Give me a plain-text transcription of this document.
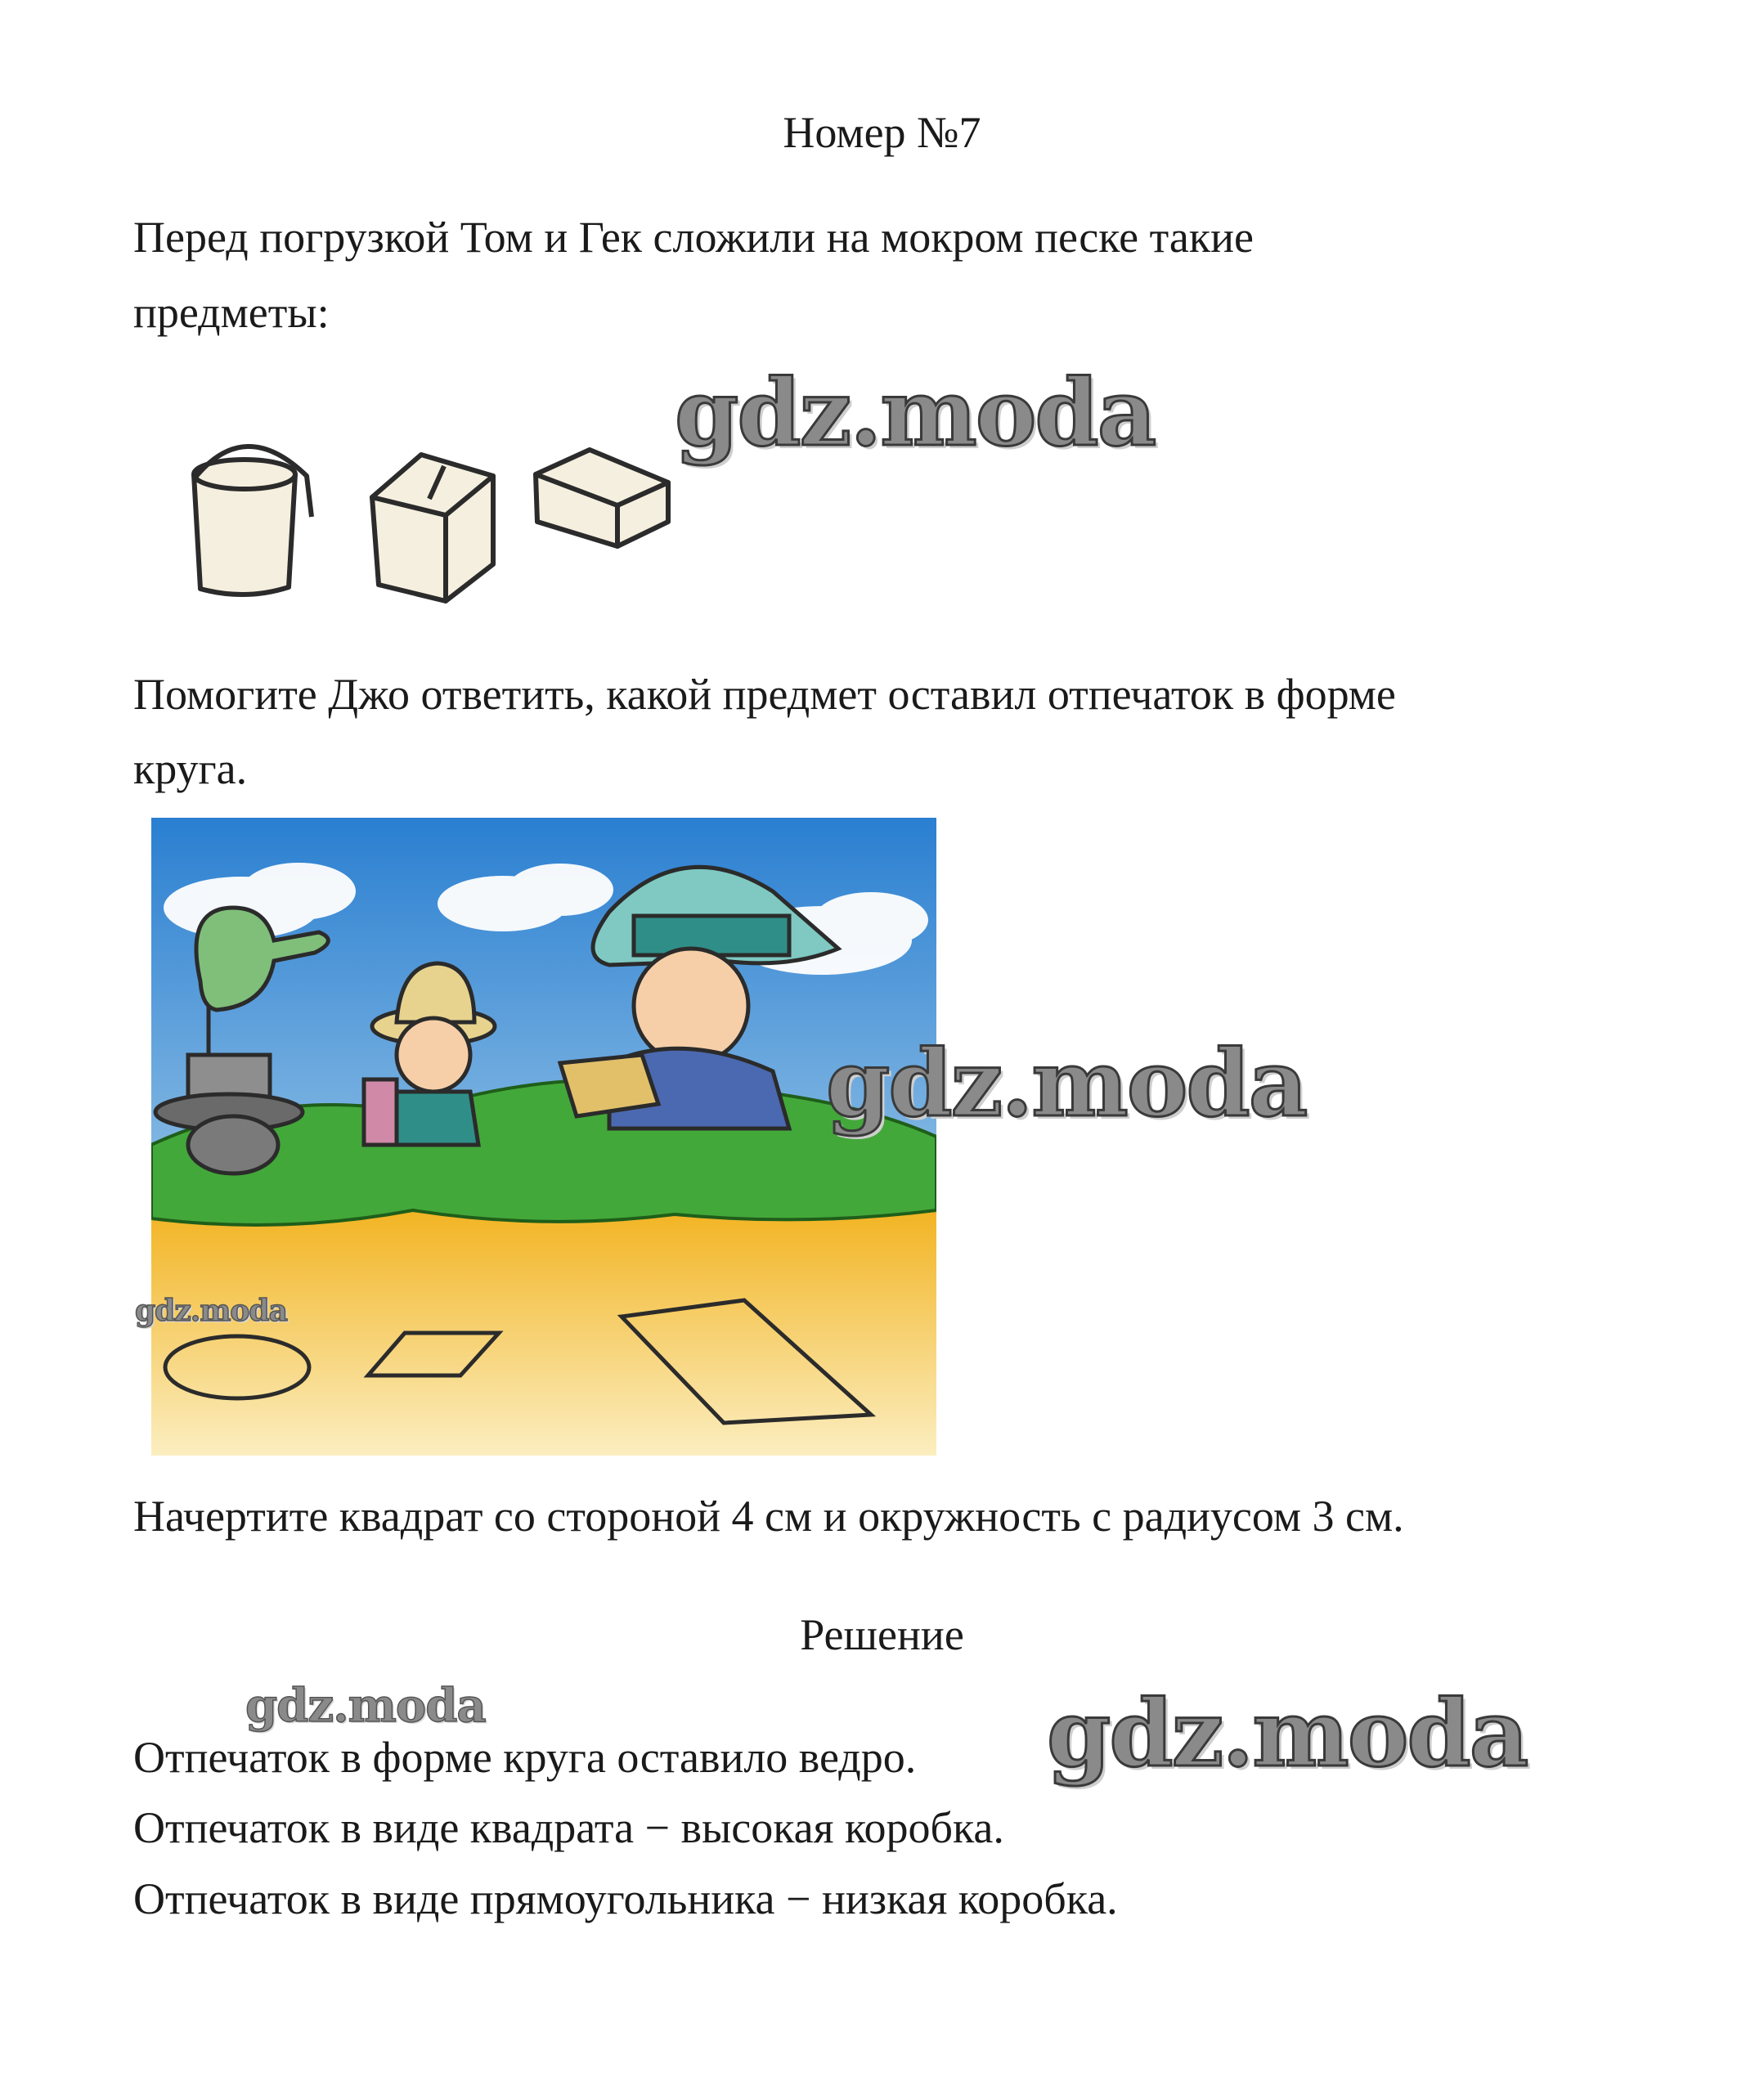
Номер №7
Перед погрузкой Том и Гек сложили на мокром песке такие
предметы:
gdz.moda
Помогите Джо ответить, какой предмет оставил отпечаток в форме
круга.
gdz.moda
gdz.moda
Начертите квадрат со стороной 4 см и окружность с радиусом 3 см.
Решение
gdz.moda	gdz.moda
Отпечаток в форме круга оставило ведро.
Отпечаток в виде квадрата − высокая коробка.
Отпечаток в виде прямоугольника − низкая коробка.
